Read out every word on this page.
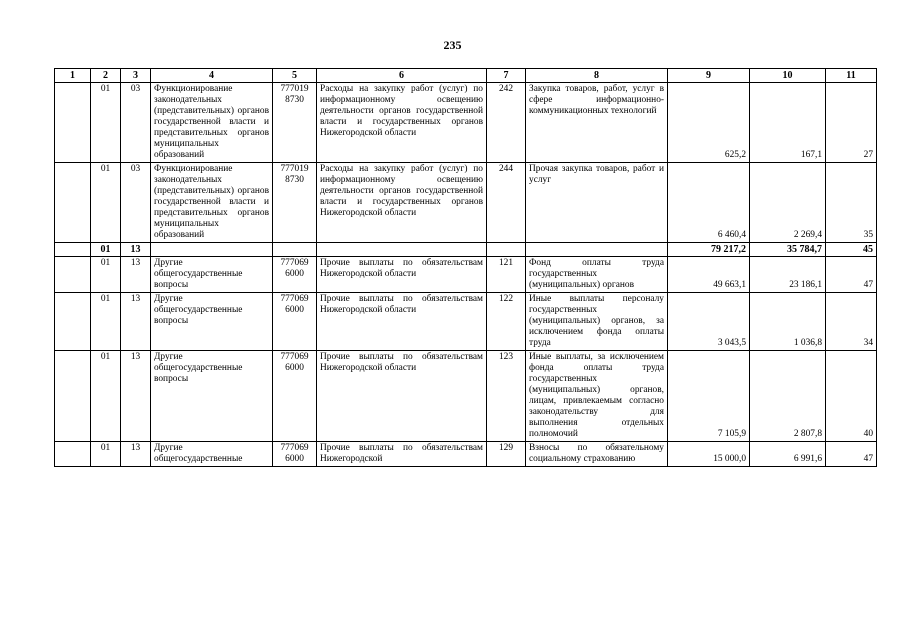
235
1	2	3	4	5	6	7	8	9	10	11
	01	03	Функционирование законодательных (представительных) органов государственной власти и представительных органов муниципальных образований	777019 8730	Расходы на закупку работ (услуг) по информационному освещению деятельности органов государственной власти и государственных органов Нижегородской области	242	Закупка товаров, работ, услуг в сфере информационно-коммуникационных технологий	625,2	167,1	27
	01	03	Функционирование законодательных (представительных) органов государственной власти и представительных органов муниципальных образований	777019 8730	Расходы на закупку работ (услуг) по информационному освещению деятельности органов государственной власти и государственных органов Нижегородской области	244	Прочая закупка товаров, работ и услуг	6 460,4	2 269,4	35
	01	13						79 217,2	35 784,7	45
	01	13	Другие общегосударственные вопросы	777069 6000	Прочие выплаты по обязательствам Нижегородской области	121	Фонд оплаты труда государственных (муниципальных) органов	49 663,1	23 186,1	47
	01	13	Другие общегосударственные вопросы	777069 6000	Прочие выплаты по обязательствам Нижегородской области	122	Иные выплаты персоналу государственных (муниципальных) органов, за исключением фонда оплаты труда	3 043,5	1 036,8	34
	01	13	Другие общегосударственные вопросы	777069 6000	Прочие выплаты по обязательствам Нижегородской области	123	Иные выплаты, за исключением фонда оплаты труда государственных (муниципальных) органов, лицам, привлекаемым согласно законодательству для выполнения отдельных полномочий	7 105,9	2 807,8	40
	01	13	Другие общегосударственные	777069 6000	Прочие выплаты по обязательствам Нижегородской	129	Взносы по обязательному социальному страхованию	15 000,0	6 991,6	47
